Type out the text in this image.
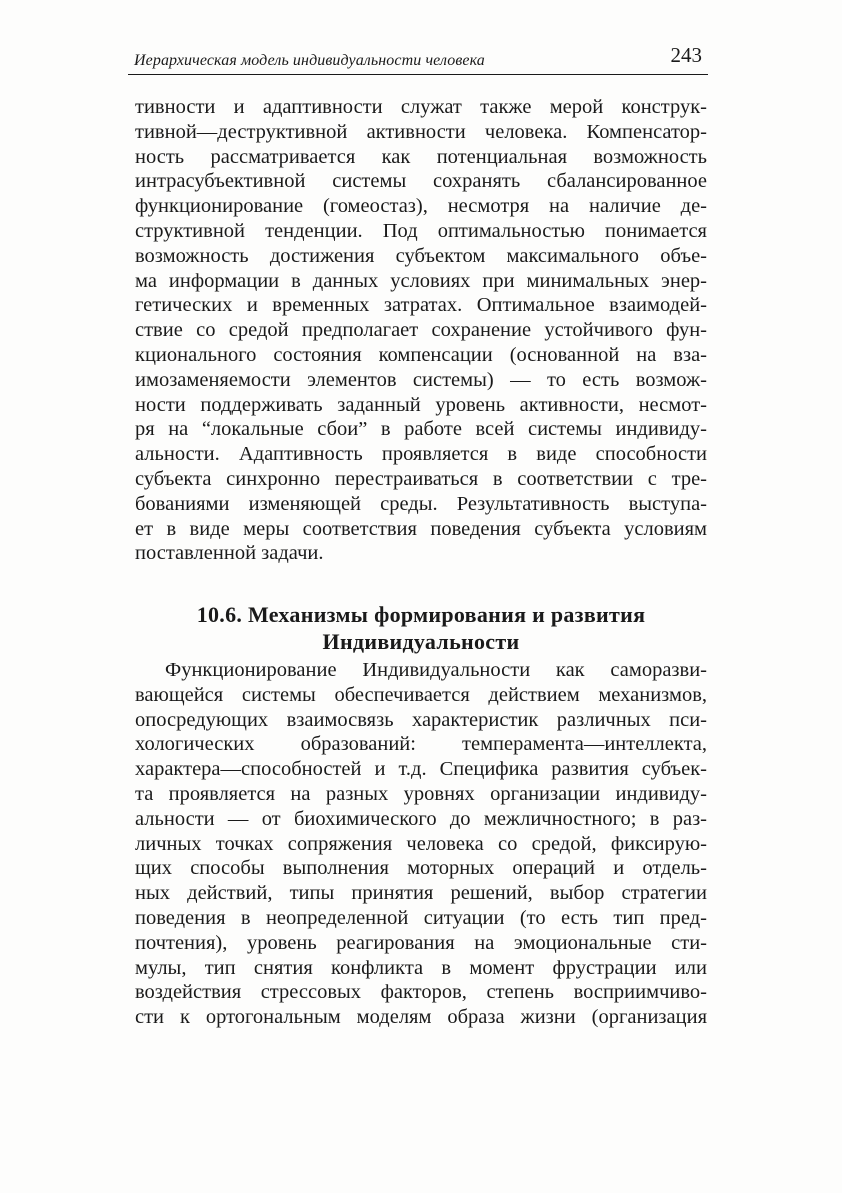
Иерархическая модель индивидуальности человека	243
тивности и адаптивности служат также мерой конструк-
тивной—деструктивной активности человека. Компенсатор-
ность рассматривается как потенциальная возможность
интрасубъективной системы сохранять сбалансированное
функционирование (гомеостаз), несмотря на наличие де-
структивной тенденции. Под оптимальностью понимается
возможность достижения субъектом максимального объе-
ма информации в данных условиях при минимальных энер-
гетических и временных затратах. Оптимальное взаимодей-
ствие со средой предполагает сохранение устойчивого фун-
кционального состояния компенсации (основанной на вза-
имозаменяемости элементов системы) — то есть возмож-
ности поддерживать заданный уровень активности, несмот-
ря на “локальные сбои” в работе всей системы индивиду-
альности. Адаптивность проявляется в виде способности
субъекта синхронно перестраиваться в соответствии с тре-
бованиями изменяющей среды. Результативность выступа-
ет в виде меры соответствия поведения субъекта условиям
поставленной задачи.
10.6. Механизмы формирования и развития
Индивидуальности
Функционирование Индивидуальности как саморазви-
вающейся системы обеспечивается действием механизмов,
опосредующих взаимосвязь характеристик различных пси-
хологических образований: темперамента—интеллекта,
характера—способностей и т.д. Специфика развития субъек-
та проявляется на разных уровнях организации индивиду-
альности — от биохимического до межличностного; в раз-
личных точках сопряжения человека со средой, фиксирую-
щих способы выполнения моторных операций и отдель-
ных действий, типы принятия решений, выбор стратегии
поведения в неопределенной ситуации (то есть тип пред-
почтения), уровень реагирования на эмоциональные сти-
мулы, тип снятия конфликта в момент фрустрации или
воздействия стрессовых факторов, степень восприимчиво-
сти к ортогональным моделям образа жизни (организация
